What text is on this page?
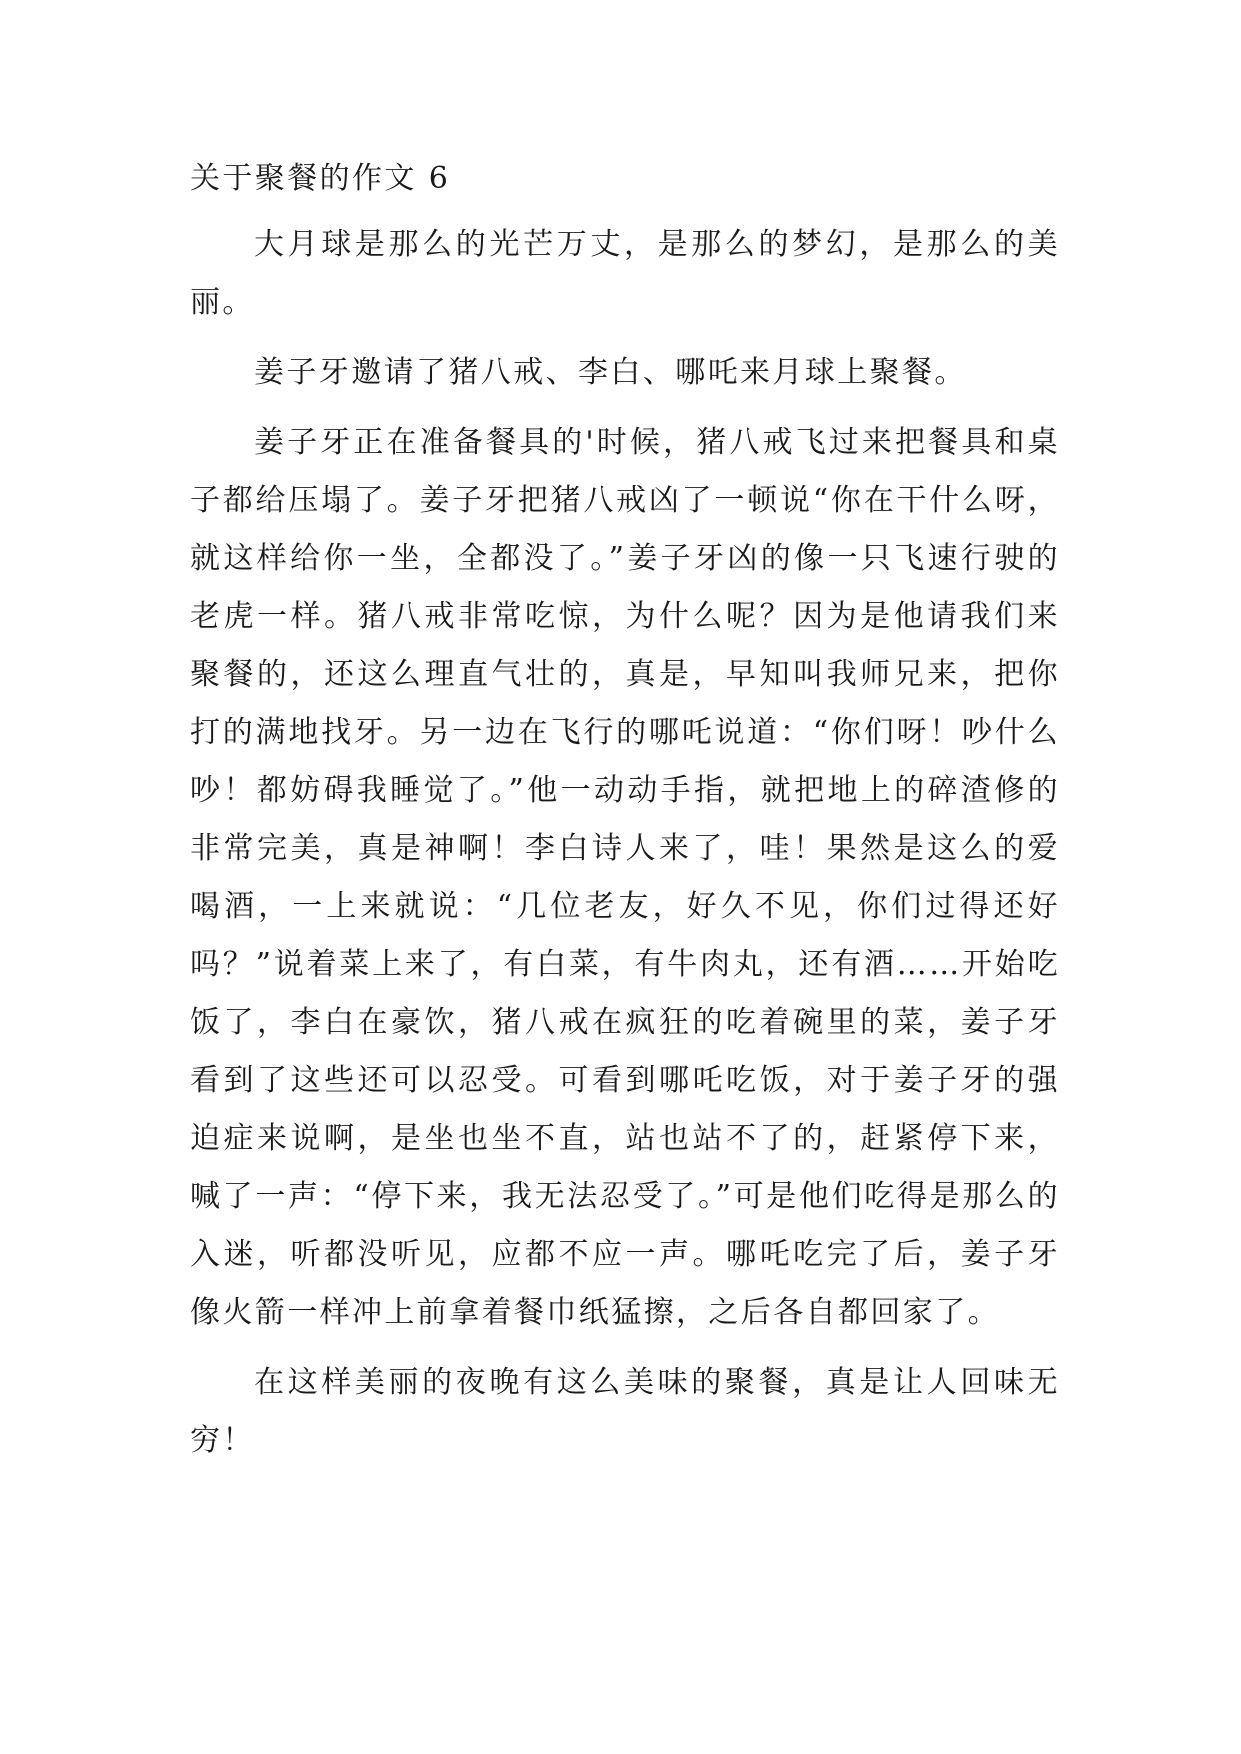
关于聚餐的作文 6

大月球是那么的光芒万丈，是那么的梦幻，是那么的美丽。

姜子牙邀请了猪八戒、李白、哪吒来月球上聚餐。

姜子牙正在准备餐具的'时候，猪八戒飞过来把餐具和桌子都给压塌了。姜子牙把猪八戒凶了一顿说“你在干什么呀，就这样给你一坐，全都没了。”姜子牙凶的像一只飞速行驶的老虎一样。猪八戒非常吃惊，为什么呢？因为是他请我们来聚餐的，还这么理直气壮的，真是，早知叫我师兄来，把你打的满地找牙。另一边在飞行的哪吒说道：“你们呀！吵什么吵！都妨碍我睡觉了。”他一动动手指，就把地上的碎渣修的非常完美，真是神啊！李白诗人来了，哇！果然是这么的爱喝酒，一上来就说：“几位老友，好久不见，你们过得还好吗？”说着菜上来了，有白菜，有牛肉丸，还有酒……开始吃饭了，李白在豪饮，猪八戒在疯狂的吃着碗里的菜，姜子牙看到了这些还可以忍受。可看到哪吒吃饭，对于姜子牙的强迫症来说啊，是坐也坐不直，站也站不了的，赶紧停下来，喊了一声：“停下来，我无法忍受了。”可是他们吃得是那么的入迷，听都没听见，应都不应一声。哪吒吃完了后，姜子牙像火箭一样冲上前拿着餐巾纸猛擦，之后各自都回家了。

在这样美丽的夜晚有这么美味的聚餐，真是让人回味无穷！
